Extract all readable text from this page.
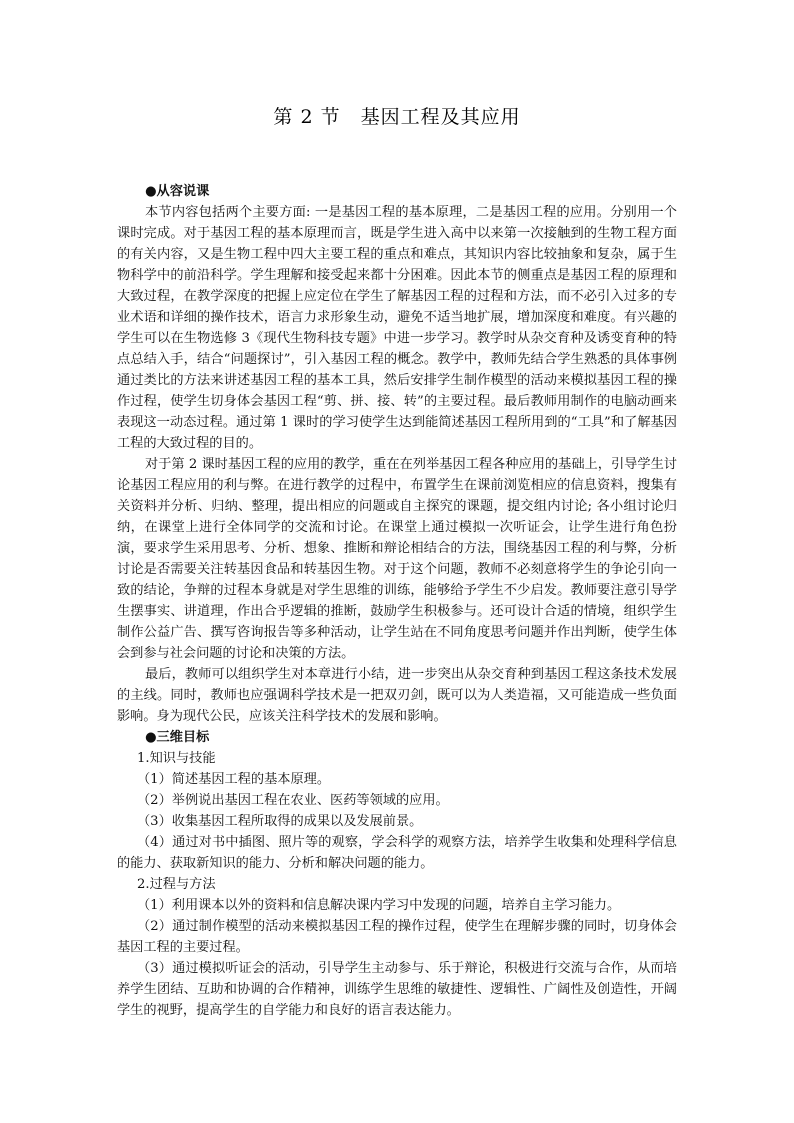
第 2 节　基因工程及其应用

●从容说课

本节内容包括两个主要方面: 一是基因工程的基本原理，二是基因工程的应用。分别用一个课时完成。对于基因工程的基本原理而言，既是学生进入高中以来第一次接触到的生物工程方面的有关内容，又是生物工程中四大主要工程的重点和难点，其知识内容比较抽象和复杂，属于生物科学中的前沿科学。学生理解和接受起来都十分困难。因此本节的侧重点是基因工程的原理和大致过程，在教学深度的把握上应定位在学生了解基因工程的过程和方法，而不必引入过多的专业术语和详细的操作技术，语言力求形象生动，避免不适当地扩展，增加深度和难度。有兴趣的学生可以在生物选修 3《现代生物科技专题》中进一步学习。教学时从杂交育种及诱变育种的特点总结入手，结合“问题探讨”，引入基因工程的概念。教学中，教师先结合学生熟悉的具体事例通过类比的方法来讲述基因工程的基本工具，然后安排学生制作模型的活动来模拟基因工程的操作过程，使学生切身体会基因工程“剪、拼、接、转”的主要过程。最后教师用制作的电脑动画来表现这一动态过程。通过第 1 课时的学习使学生达到能简述基因工程所用到的“工具”和了解基因工程的大致过程的目的。

对于第 2 课时基因工程的应用的教学，重在在列举基因工程各种应用的基础上，引导学生讨论基因工程应用的利与弊。在进行教学的过程中，布置学生在课前浏览相应的信息资料，搜集有关资料并分析、归纳、整理，提出相应的问题或自主探究的课题，提交组内讨论; 各小组讨论归纳，在课堂上进行全体同学的交流和讨论。在课堂上通过模拟一次听证会，让学生进行角色扮演，要求学生采用思考、分析、想象、推断和辩论相结合的方法，围绕基因工程的利与弊，分析讨论是否需要关注转基因食品和转基因生物。对于这个问题，教师不必刻意将学生的争论引向一致的结论，争辩的过程本身就是对学生思维的训练，能够给予学生不少启发。教师要注意引导学生摆事实、讲道理，作出合乎逻辑的推断，鼓励学生积极参与。还可设计合适的情境，组织学生制作公益广告、撰写咨询报告等多种活动，让学生站在不同角度思考问题并作出判断，使学生体会到参与社会问题的讨论和决策的方法。

最后，教师可以组织学生对本章进行小结，进一步突出从杂交育种到基因工程这条技术发展的主线。同时，教师也应强调科学技术是一把双刃剑，既可以为人类造福，又可能造成一些负面影响。身为现代公民，应该关注科学技术的发展和影响。

●三维目标

1.知识与技能

（1）简述基因工程的基本原理。

（2）举例说出基因工程在农业、医药等领域的应用。

（3）收集基因工程所取得的成果以及发展前景。

（4）通过对书中插图、照片等的观察，学会科学的观察方法，培养学生收集和处理科学信息的能力、获取新知识的能力、分析和解决问题的能力。

2.过程与方法

（1）利用课本以外的资料和信息解决课内学习中发现的问题，培养自主学习能力。

（2）通过制作模型的活动来模拟基因工程的操作过程，使学生在理解步骤的同时，切身体会基因工程的主要过程。

（3）通过模拟听证会的活动，引导学生主动参与、乐于辩论，积极进行交流与合作，从而培养学生团结、互助和协调的合作精神，训练学生思维的敏捷性、逻辑性、广阔性及创造性，开阔学生的视野，提高学生的自学能力和良好的语言表达能力。
